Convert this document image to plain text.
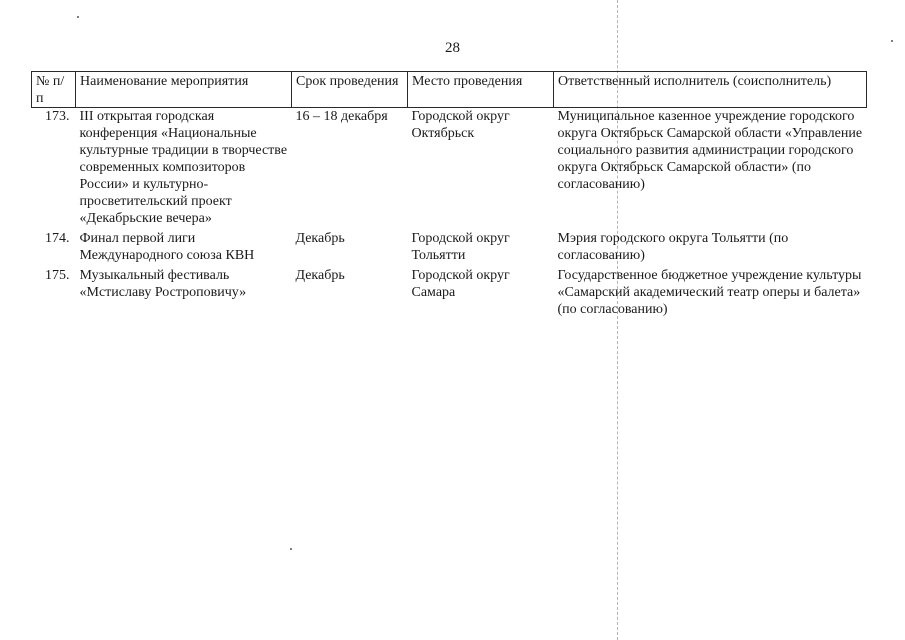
28
№ п/п	Наименование мероприятия	Срок проведения	Место проведения	Ответственный исполнитель (соисполнитель)
173.	III открытая городская конференция «Национальные культурные традиции в творчестве современных композиторов России» и культурно-просветительский проект «Декабрьские вечера»	16 – 18 декабря	Городской округ Октябрьск	Муниципальное казенное учреждение городского округа Октябрьск Самарской области «Управление социального развития администрации городского округа Октябрьск Самарской области» (по согласованию)
174.	Финал первой лиги Международного союза КВН	Декабрь	Городской округ Тольятти	Мэрия городского округа Тольятти (по согласованию)
175.	Музыкальный фестиваль «Мстиславу Ростроповичу»	Декабрь	Городской округ Самара	Государственное бюджетное учреждение культуры «Самарский академический театр оперы и балета» (по согласованию)
